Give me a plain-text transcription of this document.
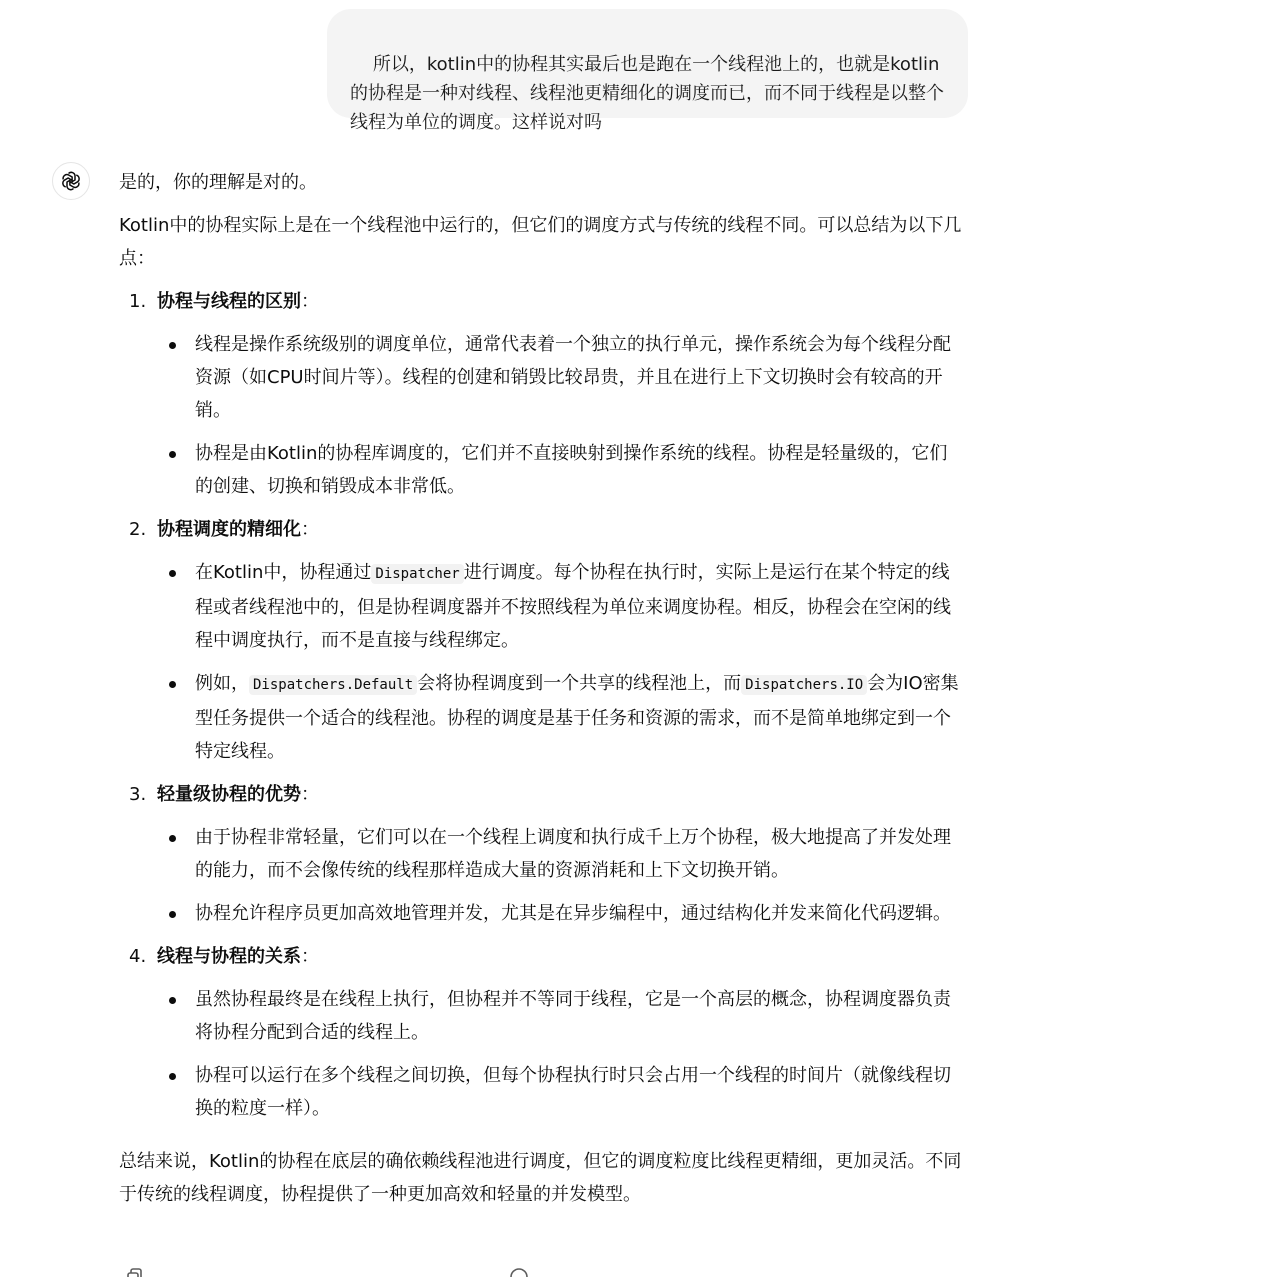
所以，kotlin中的协程其实最后也是跑在一个线程池上的，也就是kotlin的协程是一种对线程、线程池更精细化的调度而已，而不同于线程是以整个线程为单位的调度。这样说对吗

是的，你的理解是对的。

Kotlin中的协程实际上是在一个线程池中运行的，但它们的调度方式与传统的线程不同。可以总结为以下几点：

1. 协程与线程的区别：
线程是操作系统级别的调度单位，通常代表着一个独立的执行单元，操作系统会为每个线程分配资源（如CPU时间片等）。线程的创建和销毁比较昂贵，并且在进行上下文切换时会有较高的开销。
协程是由Kotlin的协程库调度的，它们并不直接映射到操作系统的线程。协程是轻量级的，它们的创建、切换和销毁成本非常低。
2. 协程调度的精细化：
在Kotlin中，协程通过 Dispatcher 进行调度。每个协程在执行时，实际上是运行在某个特定的线程或者线程池中的，但是协程调度器并不按照线程为单位来调度协程。相反，协程会在空闲的线程中调度执行，而不是直接与线程绑定。
例如， Dispatchers.Default 会将协程调度到一个共享的线程池上，而 Dispatchers.IO 会为IO密集型任务提供一个适合的线程池。协程的调度是基于任务和资源的需求，而不是简单地绑定到一个特定线程。
3. 轻量级协程的优势：
由于协程非常轻量，它们可以在一个线程上调度和执行成千上万个协程，极大地提高了并发处理的能力，而不会像传统的线程那样造成大量的资源消耗和上下文切换开销。
协程允许程序员更加高效地管理并发，尤其是在异步编程中，通过结构化并发来简化代码逻辑。
4. 线程与协程的关系：
虽然协程最终是在线程上执行，但协程并不等同于线程，它是一个高层的概念，协程调度器负责将协程分配到合适的线程上。
协程可以运行在多个线程之间切换，但每个协程执行时只会占用一个线程的时间片（就像线程切换的粒度一样）。

总结来说，Kotlin的协程在底层的确依赖线程池进行调度，但它的调度粒度比线程更精细，更加灵活。不同于传统的线程调度，协程提供了一种更加高效和轻量的并发模型。
